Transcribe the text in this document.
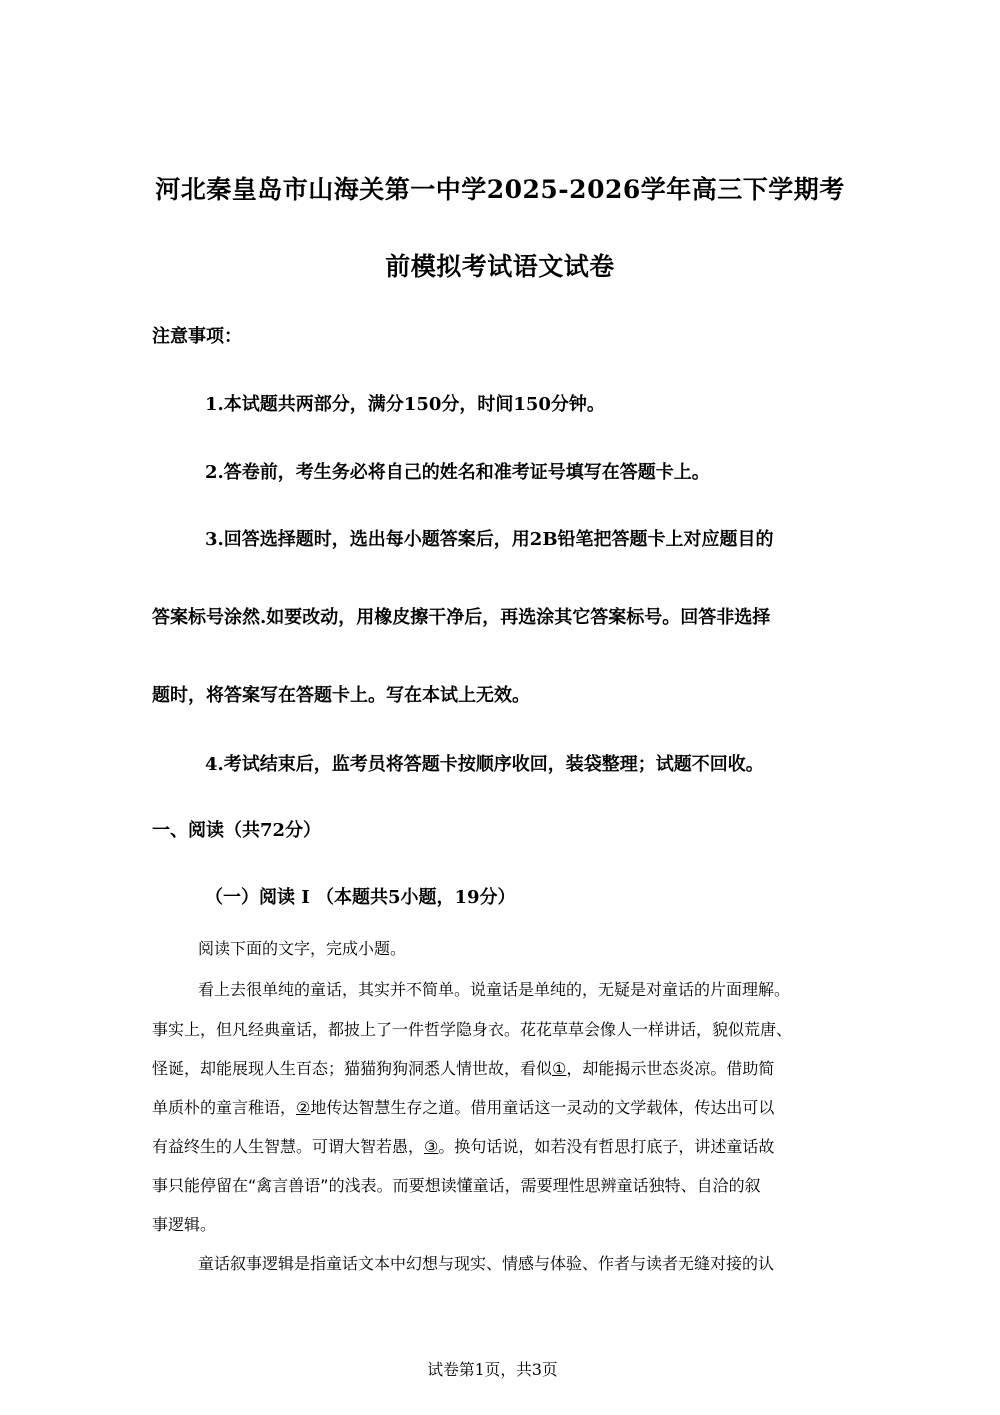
河北秦皇岛市山海关第一中学2025-2026学年高三下学期考
前模拟考试语文试卷
注意事项：
1.本试题共两部分，满分150分，时间150分钟。
2.答卷前，考生务必将自己的姓名和准考证号填写在答题卡上。
3.回答选择题时，选出每小题答案后，用2B铅笔把答题卡上对应题目的
答案标号涂然.如要改动，用橡皮擦干净后，再选涂其它答案标号。回答非选择
题时，将答案写在答题卡上。写在本试上无效。
4.考试结束后，监考员将答题卡按顺序收回，装袋整理；试题不回收。
一、阅读（共72分）
（一）阅读 I （本题共5小题，19分）
阅读下面的文字，完成小题。
看上去很单纯的童话，其实并不简单。说童话是单纯的，无疑是对童话的片面理解。
事实上，但凡经典童话，都披上了一件哲学隐身衣。花花草草会像人一样讲话，貌似荒唐、
怪诞，却能展现人生百态；猫猫狗狗洞悉人情世故，看似①，却能揭示世态炎凉。借助简
单质朴的童言稚语，②地传达智慧生存之道。借用童话这一灵动的文学载体，传达出可以
有益终生的人生智慧。可谓大智若愚，③。换句话说，如若没有哲思打底子，讲述童话故
事只能停留在“禽言兽语”的浅表。而要想读懂童话，需要理性思辨童话独特、自洽的叙
事逻辑。
童话叙事逻辑是指童话文本中幻想与现实、情感与体验、作者与读者无缝对接的认
试卷第1页，共3页
